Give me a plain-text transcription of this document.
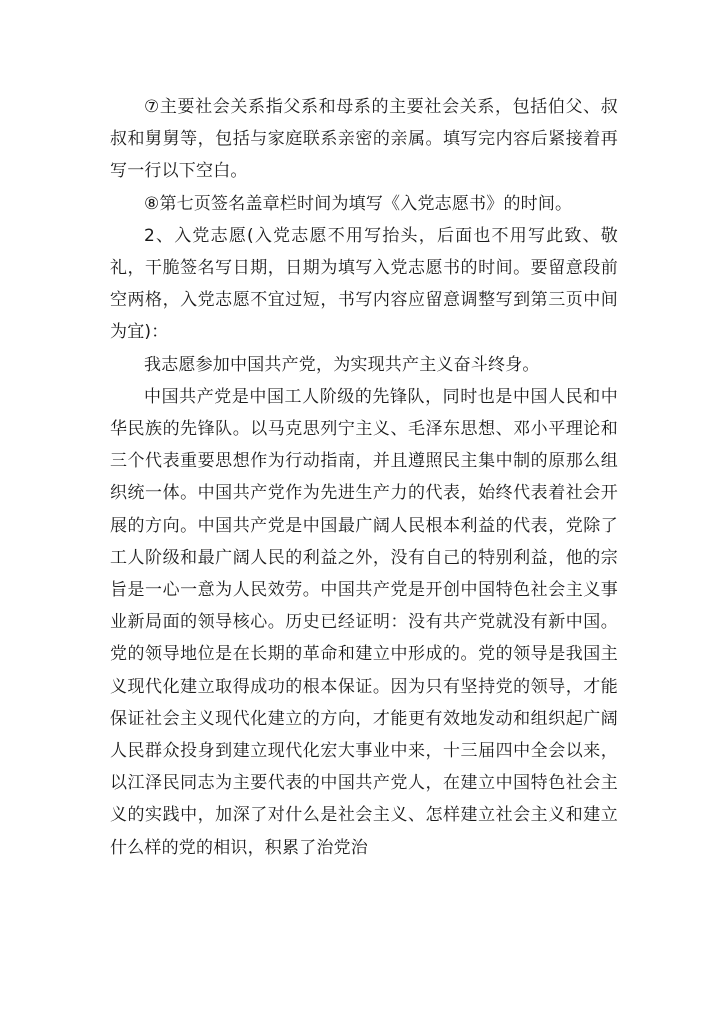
⑦主要社会关系指父系和母系的主要社会关系，包括伯父、叔叔和舅舅等，包括与家庭联系亲密的亲属。填写完内容后紧接着再写一行以下空白。

⑧第七页签名盖章栏时间为填写《入党志愿书》的时间。

2、入党志愿(入党志愿不用写抬头，后面也不用写此致、敬礼，干脆签名写日期，日期为填写入党志愿书的时间。要留意段前空两格，入党志愿不宜过短，书写内容应留意调整写到第三页中间为宜)：

我志愿参加中国共产党，为实现共产主义奋斗终身。

中国共产党是中国工人阶级的先锋队，同时也是中国人民和中华民族的先锋队。以马克思列宁主义、毛泽东思想、邓小平理论和三个代表重要思想作为行动指南，并且遵照民主集中制的原那么组织统一体。中国共产党作为先进生产力的代表，始终代表着社会开展的方向。中国共产党是中国最广阔人民根本利益的代表，党除了工人阶级和最广阔人民的利益之外，没有自己的特别利益，他的宗旨是一心一意为人民效劳。中国共产党是开创中国特色社会主义事业新局面的领导核心。历史已经证明：没有共产党就没有新中国。党的领导地位是在长期的革命和建立中形成的。党的领导是我国主义现代化建立取得成功的根本保证。因为只有坚持党的领导，才能保证社会主义现代化建立的方向，才能更有效地发动和组织起广阔人民群众投身到建立现代化宏大事业中来，十三届四中全会以来，以江泽民同志为主要代表的中国共产党人，在建立中国特色社会主义的实践中，加深了对什么是社会主义、怎样建立社会主义和建立什么样的党的相识，积累了治党治
